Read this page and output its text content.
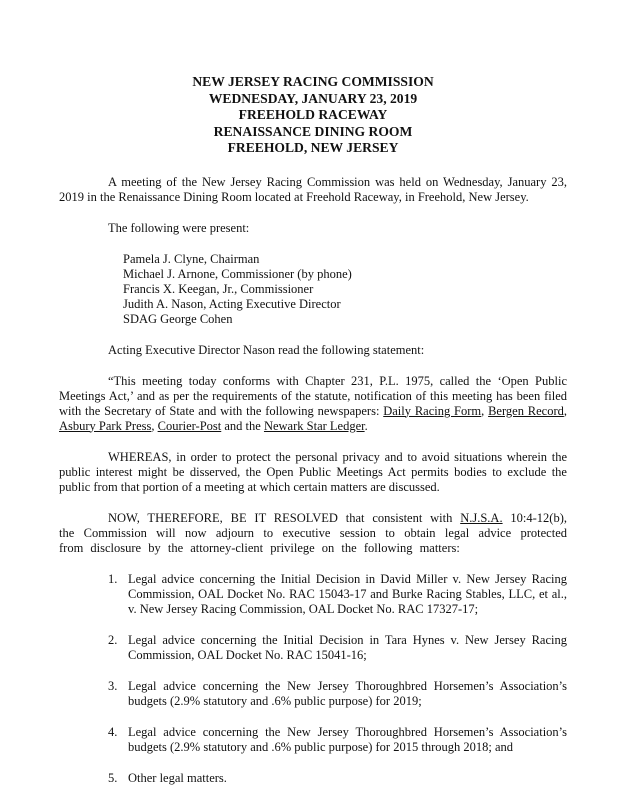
NEW JERSEY RACING COMMISSION
WEDNESDAY, JANUARY 23, 2019
FREEHOLD RACEWAY
RENAISSANCE DINING ROOM
FREEHOLD, NEW JERSEY

A meeting of the New Jersey Racing Commission was held on Wednesday, January 23, 2019 in the Renaissance Dining Room located at Freehold Raceway, in Freehold, New Jersey.

The following were present:

Pamela J. Clyne, Chairman
Michael J. Arnone, Commissioner (by phone)
Francis X. Keegan, Jr., Commissioner
Judith A. Nason, Acting Executive Director
SDAG George Cohen

Acting Executive Director Nason read the following statement:

“This meeting today conforms with Chapter 231, P.L. 1975, called the ‘Open Public Meetings Act,’ and as per the requirements of the statute, notification of this meeting has been filed with the Secretary of State and with the following newspapers: Daily Racing Form, Bergen Record, Asbury Park Press, Courier-Post and the Newark Star Ledger.

WHEREAS, in order to protect the personal privacy and to avoid situations wherein the public interest might be disserved, the Open Public Meetings Act permits bodies to exclude the public from that portion of a meeting at which certain matters are discussed.

NOW, THEREFORE, BE IT RESOLVED that consistent with N.J.S.A. 10:4-12(b), the Commission will now adjourn to executive session to obtain legal advice protected from disclosure by the attorney-client privilege on the following matters:

1. Legal advice concerning the Initial Decision in David Miller v. New Jersey Racing Commission, OAL Docket No. RAC 15043-17 and Burke Racing Stables, LLC, et al., v. New Jersey Racing Commission, OAL Docket No. RAC 17327-17;
2. Legal advice concerning the Initial Decision in Tara Hynes v. New Jersey Racing Commission, OAL Docket No. RAC 15041-16;
3. Legal advice concerning the New Jersey Thoroughbred Horsemen’s Association’s budgets (2.9% statutory and .6% public purpose) for 2019;
4. Legal advice concerning the New Jersey Thoroughbred Horsemen’s Association’s budgets (2.9% statutory and .6% public purpose) for 2015 through 2018; and
5. Other legal matters.
